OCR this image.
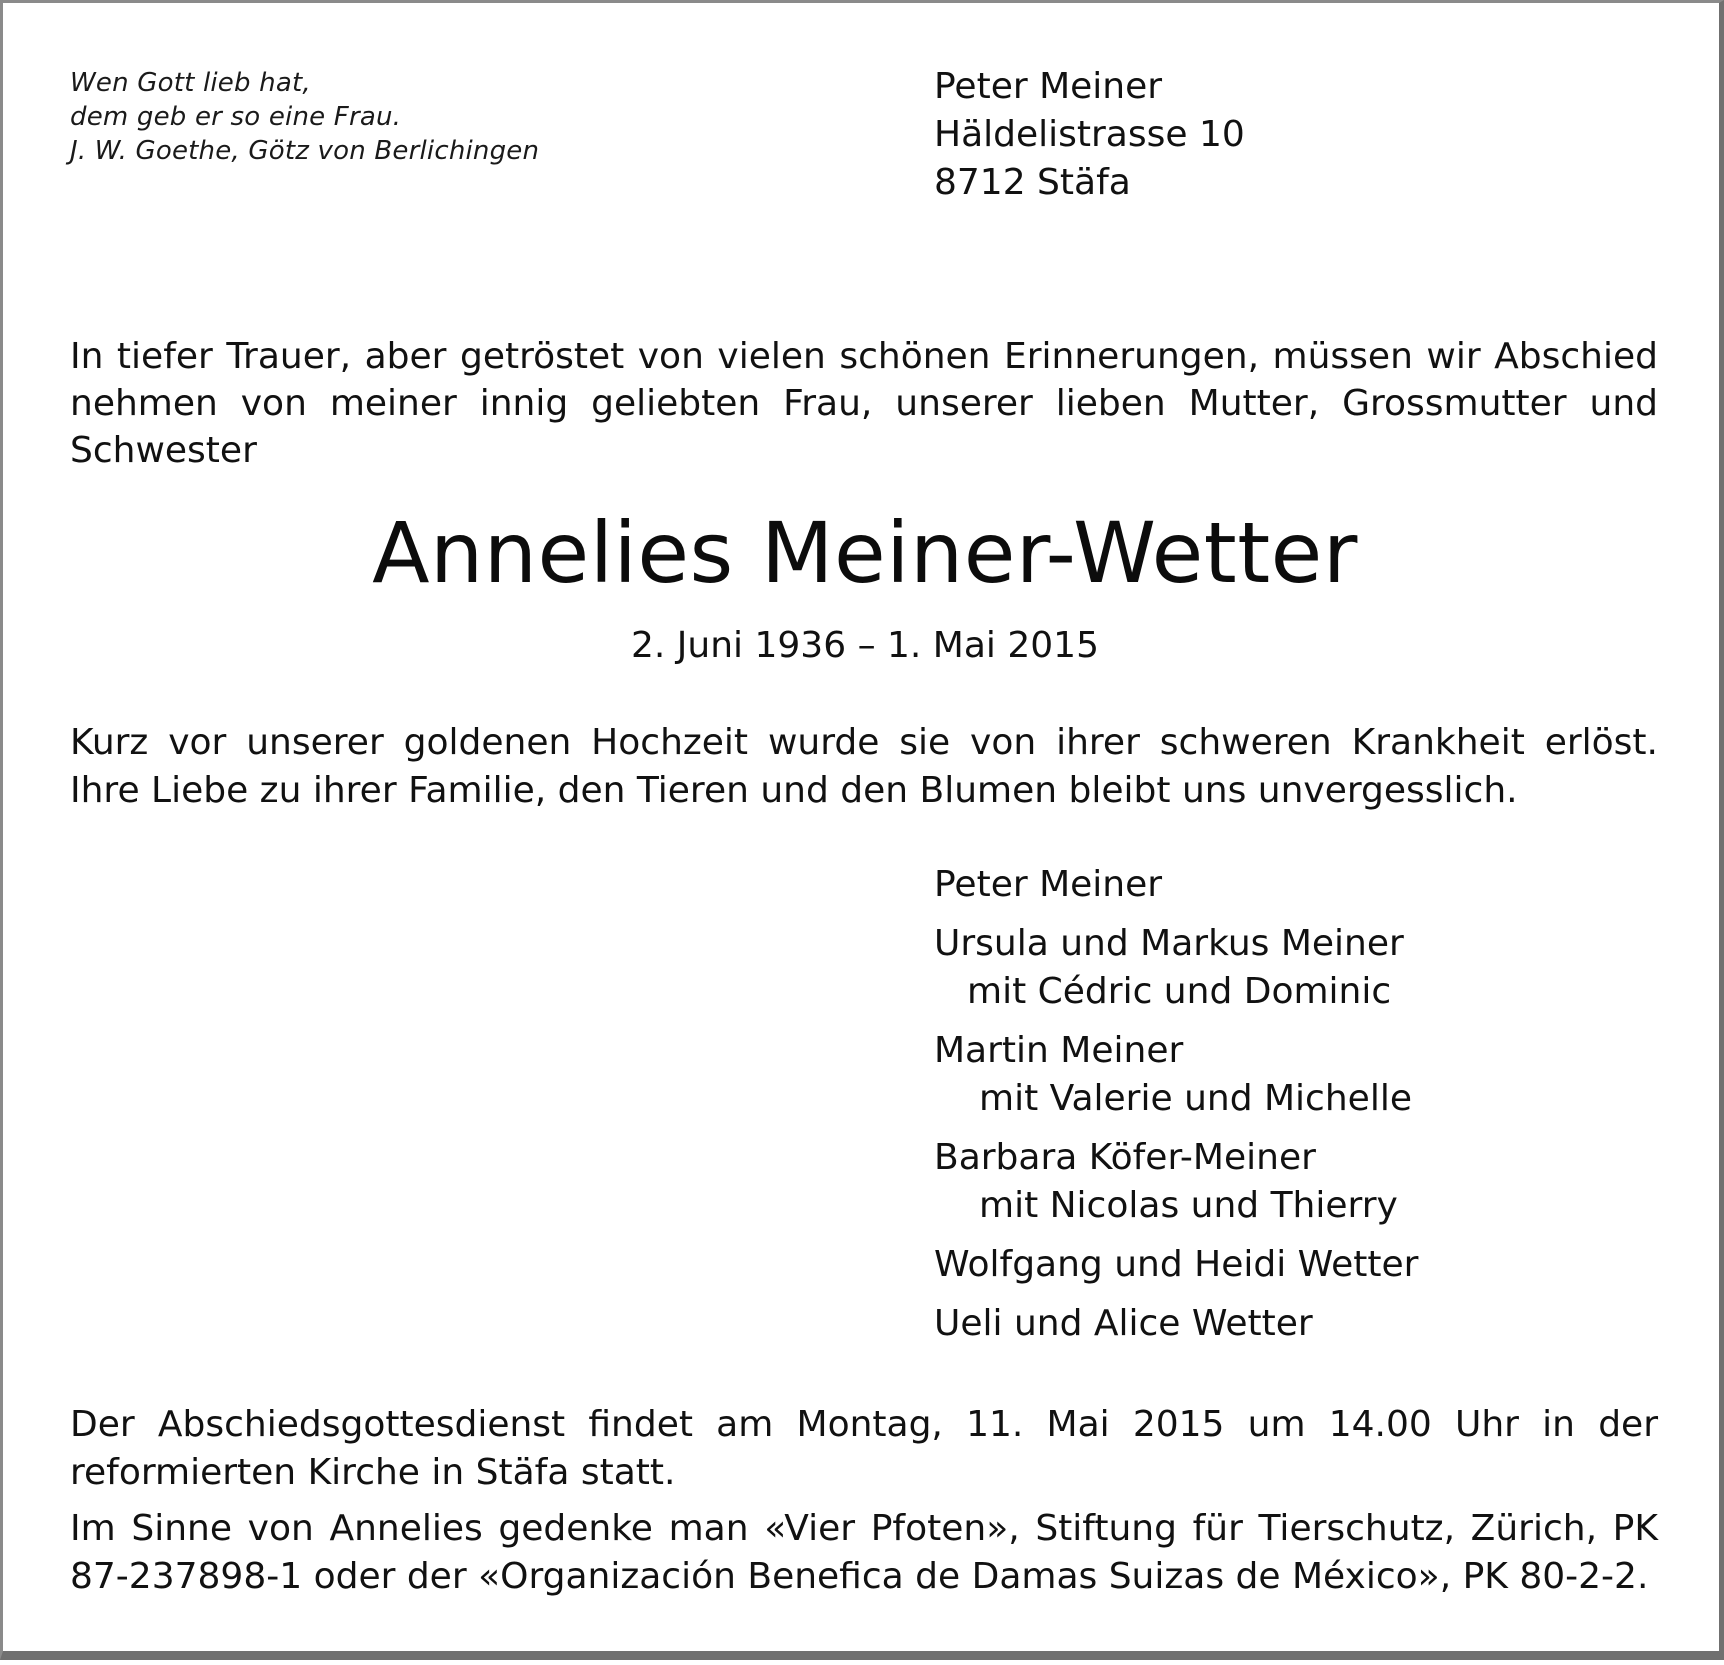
Wen Gott lieb hat,
dem geb er so eine Frau.
J. W. Goethe, Götz von Berlichingen
Peter Meiner
Häldelistrasse 10
8712 Stäfa
In tiefer Trauer, aber getröstet von vielen schönen Erinnerungen, müssen wir Abschied nehmen von meiner innig geliebten Frau, unserer lieben Mutter, Grossmutter und Schwester
Annelies Meiner-Wetter
2. Juni 1936 – 1. Mai 2015

Kurz vor unserer goldenen Hochzeit wurde sie von ihrer schweren Krankheit erlöst.

Ihre Liebe zu ihrer Familie, den Tieren und den Blumen bleibt uns unvergesslich.

Peter Meiner
Ursula und Markus Meiner
mit Cédric und Dominic
Martin Meiner
mit Valerie und Michelle
Barbara Köfer-Meiner
mit Nicolas und Thierry
Wolfgang und Heidi Wetter
Ueli und Alice Wetter

Der Abschiedsgottesdienst findet am Montag, 11. Mai 2015 um 14.00 Uhr in der reformierten Kirche in Stäfa statt.

Im Sinne von Annelies gedenke man «Vier Pfoten», Stiftung für Tierschutz, Zürich, PK 87-237898-1 oder der «Organización Benefica de Damas Suizas de México», PK 80-2-2.
